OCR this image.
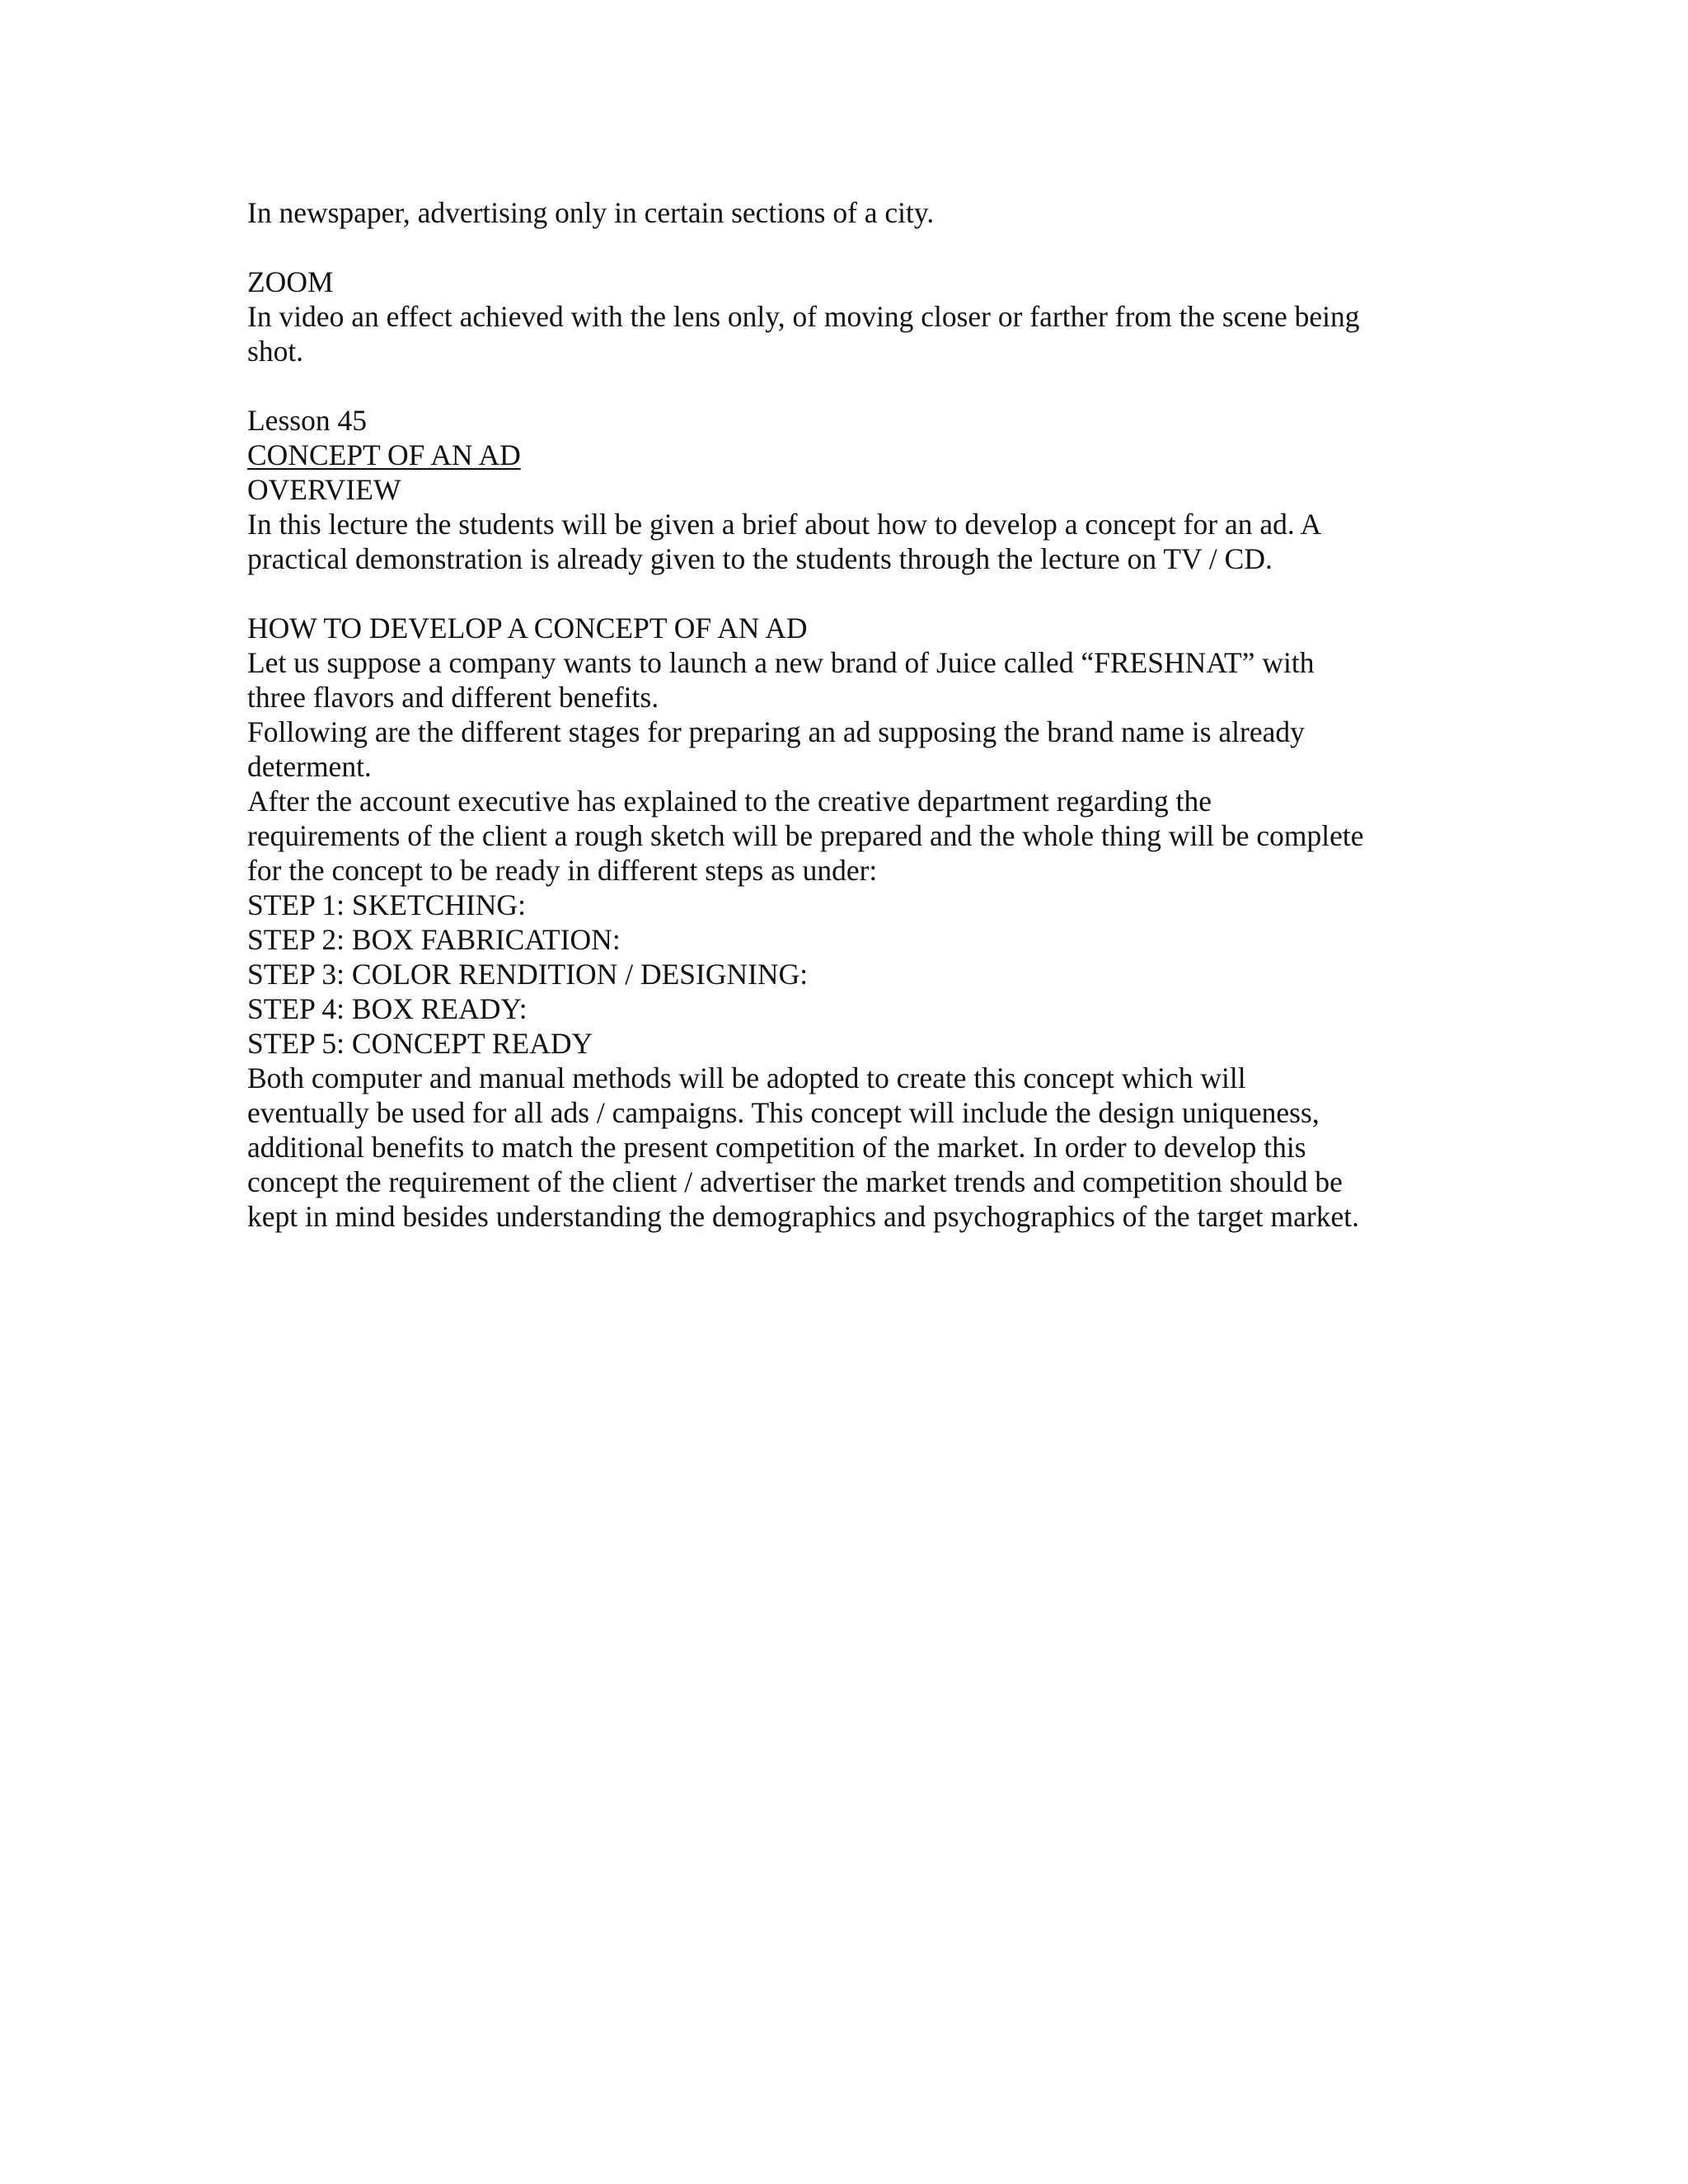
In newspaper, advertising only in certain sections of a city.
ZOOM
In video an effect achieved with the lens only, of moving closer or farther from the scene being
shot.
Lesson 45
CONCEPT OF AN AD
OVERVIEW
In this lecture the students will be given a brief about how to develop a concept for an ad. A
practical demonstration is already given to the students through the lecture on TV / CD.
HOW TO DEVELOP A CONCEPT OF AN AD
Let us suppose a company wants to launch a new brand of Juice called “FRESHNAT” with
three flavors and different benefits.
Following are the different stages for preparing an ad supposing the brand name is already
determent.
After the account executive has explained to the creative department regarding the
requirements of the client a rough sketch will be prepared and the whole thing will be complete
for the concept to be ready in different steps as under:
STEP 1: SKETCHING:
STEP 2: BOX FABRICATION:
STEP 3: COLOR RENDITION / DESIGNING:
STEP 4: BOX READY:
STEP 5: CONCEPT READY
Both computer and manual methods will be adopted to create this concept which will
eventually be used for all ads / campaigns. This concept will include the design uniqueness,
additional benefits to match the present competition of the market. In order to develop this
concept the requirement of the client / advertiser the market trends and competition should be
kept in mind besides understanding the demographics and psychographics of the target market.
